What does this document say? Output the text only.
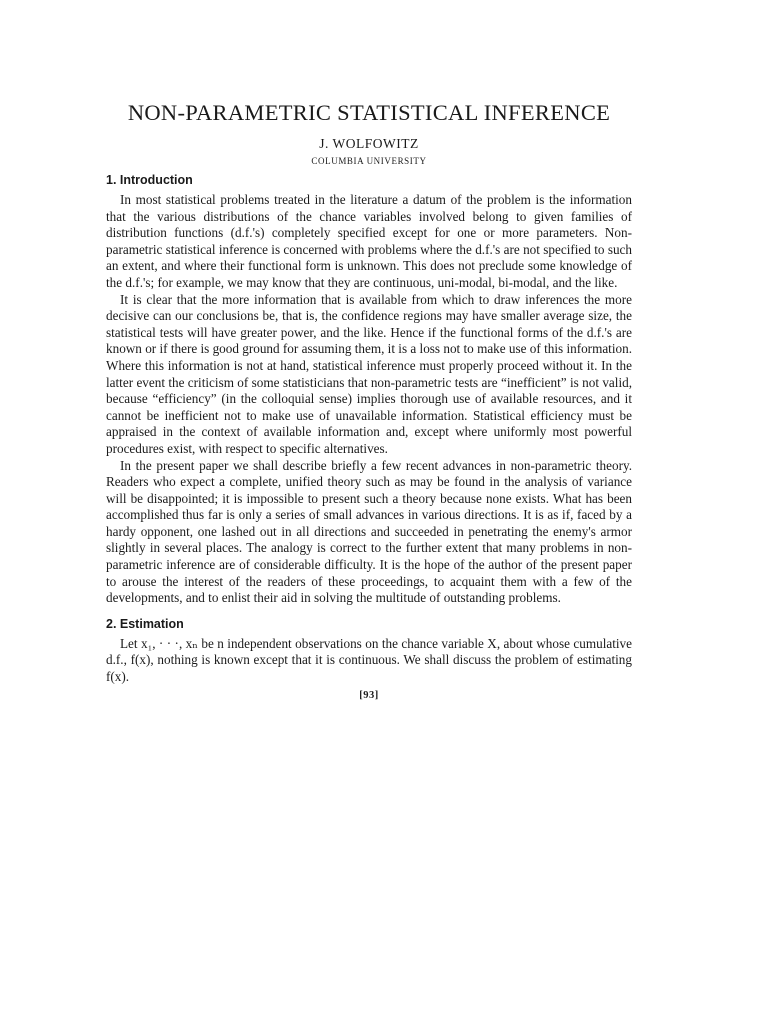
NON-PARAMETRIC STATISTICAL INFERENCE
J. WOLFOWITZ
COLUMBIA UNIVERSITY
1. Introduction

In most statistical problems treated in the literature a datum of the problem is the information that the various distributions of the chance variables involved belong to given families of distribution functions (d.f.'s) completely specified except for one or more parameters. Non-parametric statistical inference is concerned with problems where the d.f.'s are not specified to such an extent, and where their functional form is unknown. This does not preclude some knowledge of the d.f.'s; for example, we may know that they are continuous, uni-modal, bi-modal, and the like.

It is clear that the more information that is available from which to draw inferences the more decisive can our conclusions be, that is, the confidence regions may have smaller average size, the statistical tests will have greater power, and the like. Hence if the functional forms of the d.f.'s are known or if there is good ground for assuming them, it is a loss not to make use of this information. Where this information is not at hand, statistical inference must properly proceed without it. In the latter event the criticism of some statisticians that non-parametric tests are “inefficient” is not valid, because “efficiency” (in the colloquial sense) implies thorough use of available resources, and it cannot be inefficient not to make use of unavailable information. Statistical efficiency must be appraised in the context of available information and, except where uniformly most powerful procedures exist, with respect to specific alternatives.

In the present paper we shall describe briefly a few recent advances in non-parametric theory. Readers who expect a complete, unified theory such as may be found in the analysis of variance will be disappointed; it is impossible to present such a theory because none exists. What has been accomplished thus far is only a series of small advances in various directions. It is as if, faced by a hardy opponent, one lashed out in all directions and succeeded in penetrating the enemy's armor slightly in several places. The analogy is correct to the further extent that many problems in non-parametric inference are of considerable difficulty. It is the hope of the author of the present paper to arouse the interest of the readers of these proceedings, to acquaint them with a few of the developments, and to enlist their aid in solving the multitude of outstanding problems.

2. Estimation

Let x₁, · · ·, xₙ be n independent observations on the chance variable X, about whose cumulative d.f., f(x), nothing is known except that it is continuous. We shall discuss the problem of estimating f(x).

[93]
